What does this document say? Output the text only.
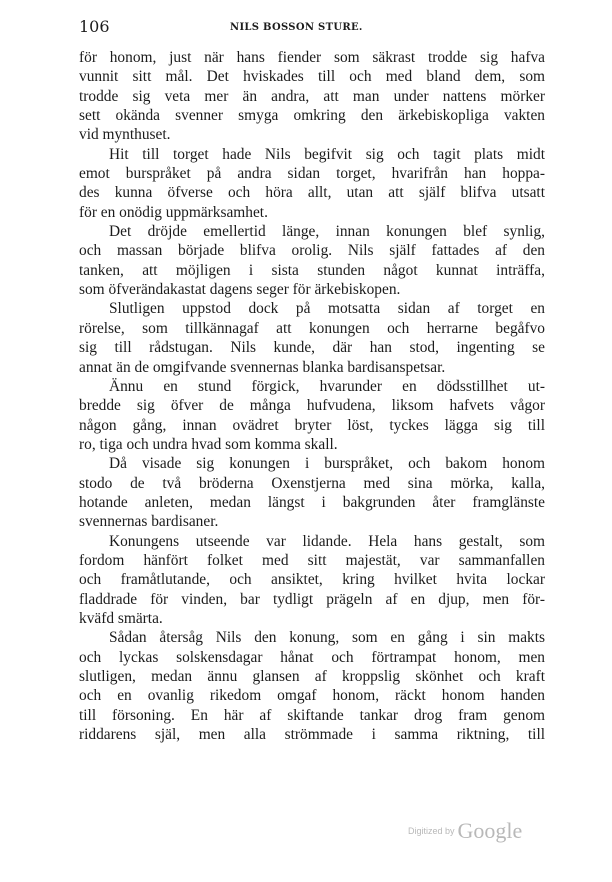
106	NILS BOSSON STURE.
för honom, just när hans fiender som säkrast trodde sig hafva
vunnit sitt mål. Det hviskades till och med bland dem, som
trodde sig veta mer än andra, att man under nattens mörker
sett okända svenner smyga omkring den ärkebiskopliga vakten
vid mynthuset.
Hit till torget hade Nils begifvit sig och tagit plats midt
emot burspråket på andra sidan torget, hvarifrån han hoppa-
des kunna öfverse och höra allt, utan att själf blifva utsatt
för en onödig uppmärksamhet.
Det dröjde emellertid länge, innan konungen blef synlig,
och massan började blifva orolig. Nils själf fattades af den
tanken, att möjligen i sista stunden något kunnat inträffa,
som öfverändakastat dagens seger för ärkebiskopen.
Slutligen uppstod dock på motsatta sidan af torget en
rörelse, som tillkännagaf att konungen och herrarne begåfvo
sig till rådstugan. Nils kunde, där han stod, ingenting se
annat än de omgifvande svennernas blanka bardisanspetsar.
Ännu en stund förgick, hvarunder en dödsstillhet ut-
bredde sig öfver de många hufvudena, liksom hafvets vågor
någon gång, innan ovädret bryter löst, tyckes lägga sig till
ro, tiga och undra hvad som komma skall.
Då visade sig konungen i burspråket, och bakom honom
stodo de två bröderna Oxenstjerna med sina mörka, kalla,
hotande anleten, medan längst i bakgrunden åter framglänste
svennernas bardisaner.
Konungens utseende var lidande. Hela hans gestalt, som
fordom hänfört folket med sitt majestät, var sammanfallen
och framåtlutande, och ansiktet, kring hvilket hvita lockar
fladdrade för vinden, bar tydligt prägeln af en djup, men för-
kväfd smärta.
Sådan återsåg Nils den konung, som en gång i sin makts
och lyckas solskensdagar hånat och förtrampat honom, men
slutligen, medan ännu glansen af kroppslig skönhet och kraft
och en ovanlig rikedom omgaf honom, räckt honom handen
till försoning. En här af skiftande tankar drog fram genom
riddarens själ, men alla strömmade i samma riktning, till
Digitized by Google
